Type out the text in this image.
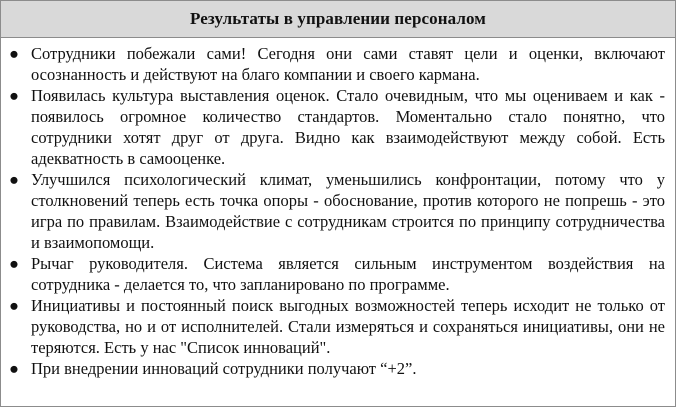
Результаты в управлении персоналом
● Сотрудники побежали сами! Сегодня они сами ставят цели и оценки, включают осознанность и действуют на благо компании и своего кармана.
● Появилась культура выставления оценок. Стало очевидным, что мы оцениваем и как - появилось огромное количество стандартов. Моментально стало понятно, что сотрудники хотят друг от друга. Видно как взаимодействуют между собой. Есть адекватность в самооценке.
● Улучшился психологический климат, уменьшились конфронтации, потому что у столкновений теперь есть точка опоры - обоснование, против которого не попрешь - это игра по правилам. Взаимодействие с сотрудникам строится по принципу сотрудничества и взаимопомощи.
● Рычаг руководителя. Система является сильным инструментом воздействия на сотрудника - делается то, что запланировано по программе.
● Инициативы и постоянный поиск выгодных возможностей теперь исходит не только от руководства, но и от исполнителей. Стали измеряться и сохраняться инициативы, они не теряются. Есть у нас "Список инноваций".
● При внедрении инноваций сотрудники получают “+2”.
